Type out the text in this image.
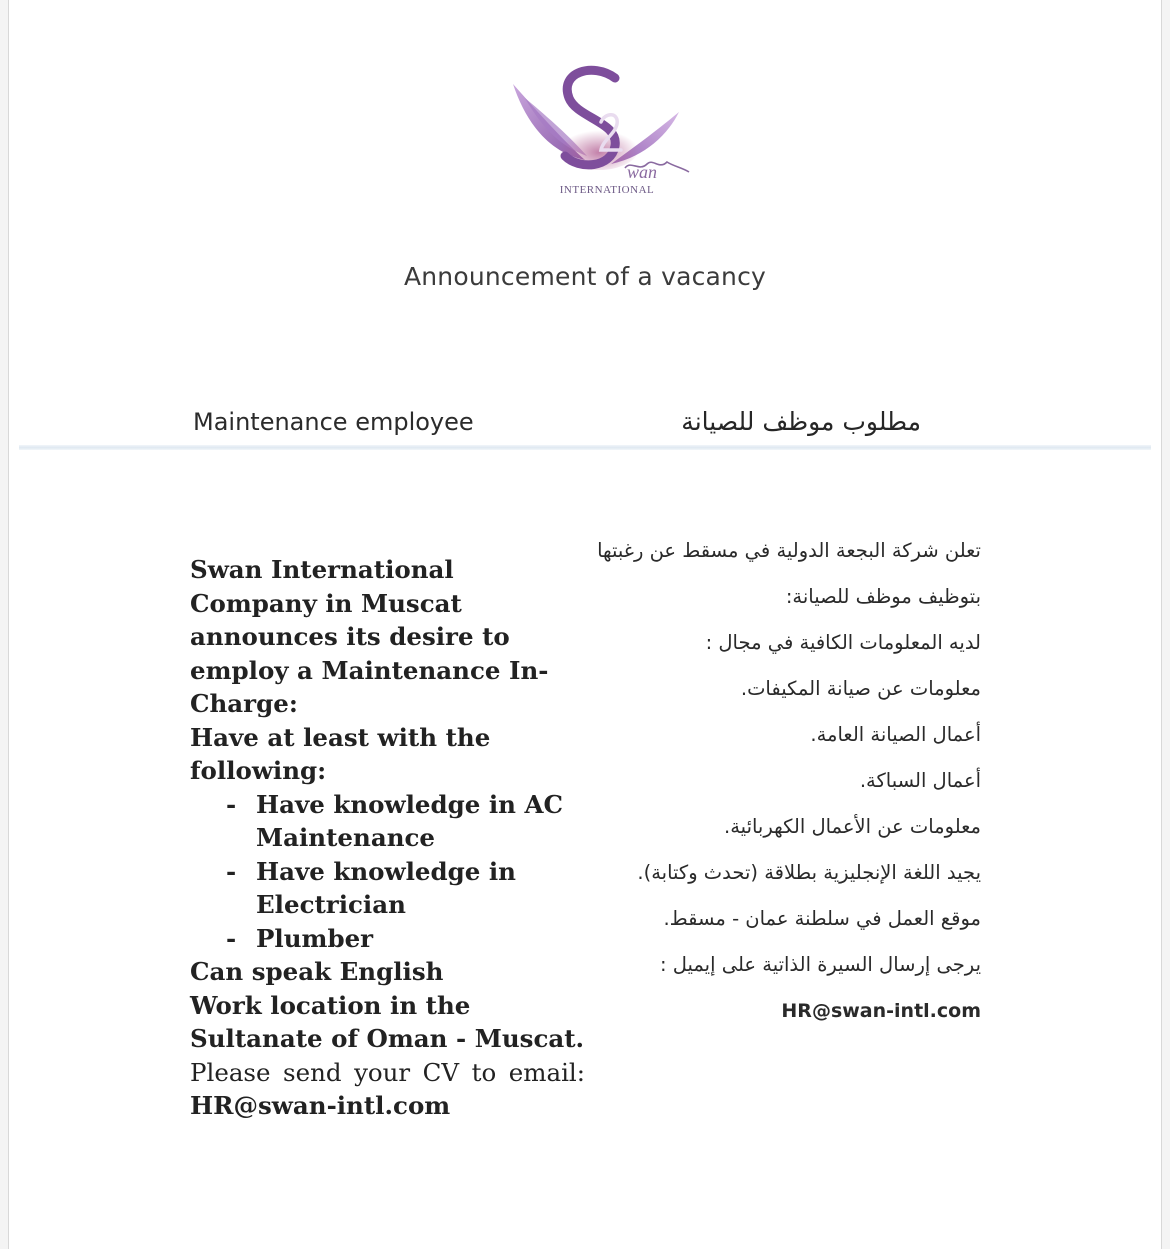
wan
INTERNATIONAL
Announcement of a vacancy
Maintenance employee	مطلوب موظف للصيانة

Swan International Company in Muscat announces its desire to employ a Maintenance In-Charge:

Have at least with the following:

- Have knowledge in AC Maintenance
- Have knowledge in Electrician
- Plumber

Can speak English

Work location in the Sultanate of Oman - Muscat.

Please send your CV to email:

HR@swan-intl.com

تعلن شركة البجعة الدولية في مسقط عن رغبتها بتوظيف موظف للصيانة:

لديه المعلومات الكافية في مجال :

معلومات عن صيانة المكيفات.

أعمال الصيانة العامة.

أعمال السباكة.

معلومات عن الأعمال الكهربائية.

يجيد اللغة الإنجليزية بطلاقة (تحدث وكتابة).

موقع العمل في سلطنة عمان - مسقط.

يرجى إرسال السيرة الذاتية على إيميل :

HR@swan-intl.com
